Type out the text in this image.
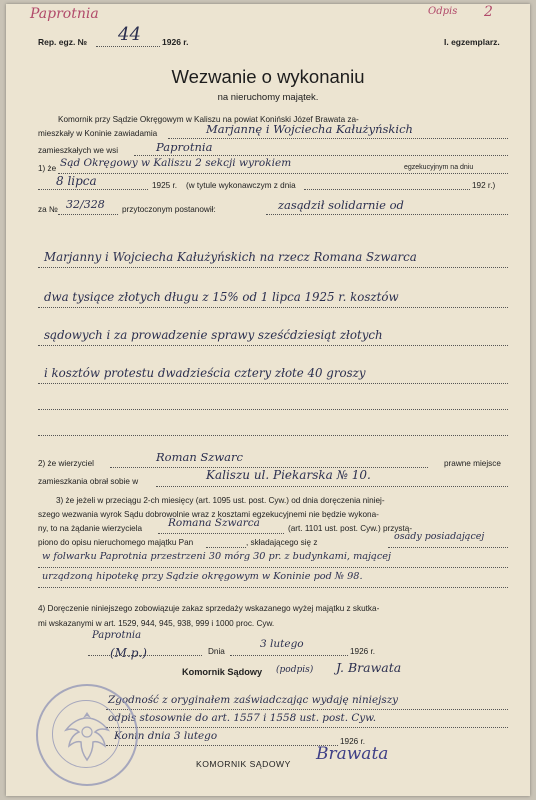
Paprotnia	Odpis 2
Rep. egz. № 44 1926 r.	I. egzemplarz.
Wezwanie o wykonaniu
na nieruchomy majątek.
Komornik przy Sądzie Okręgowym w Kaliszu na powiat Koniński Józef Brawata za-
mieszkały w Koninie zawiadamia	Marjannę i Wojciecha Kałużyńskich
zamieszkałych we wsi	Paprotnia
1) że Sąd Okręgowy w Kaliszu 2 sekcji wyrokiem	egzekucyjnym na dniu
8 lipca	1925 r. (w tytule wykonawczym z dnia	192 r.)
za № 32/328 przytoczonym postanowił:	zasądził solidarnie od
Marjanny i Wojciecha Kałużyńskich na rzecz Romana Szwarca
dwa tysiące złotych długu z 15% od 1 lipca 1925 r. kosztów
sądowych i za prowadzenie sprawy sześćdziesiąt złotych
i kosztów protestu dwadzieścia cztery złote 40 groszy
2) że wierzyciel	Roman Szwarc	prawne miejsce
zamieszkania obrał sobie w	Kaliszu ul. Piekarska № 10.
3) że jeżeli w przeciągu 2-ch miesięcy (art. 1095 ust. post. Cyw.) od dnia doręczenia niniej-
szego wezwania wyrok Sądu dobrowolnie wraz z kosztami egzekucyjnemi nie będzie wykona-
ny, to na żądanie wierzyciela Romana Szwarca	(art. 1101 ust. post. Cyw.) przystą-
piono do opisu nieruchomego majątku Pan	, składającego się z
osady posiadającej
w folwarku Paprotnia przestrzeni 30 mórg 30 pr. z budynkami, mającej
urządzoną hipotekę przy Sądzie okręgowym w Koninie pod № 98.
4) Doręczenie niniejszego zobowiązuje zakaz sprzedaży wskazanego wyżej majątku z skutka-
mi wskazanymi w art. 1529, 944, 945, 938, 999 i 1000 proc. Cyw.
Paprotnia
(M.p.)	Dnia
3 lutego
1926 r.
Komornik Sądowy (podpis) J. Brawata
Zgodność z oryginałem zaświadczając wydaję niniejszy
odpis stosownie do art. 1557 i 1558 ust. post. Cyw.
Konin dnia 3 lutego	1926 r.
KOMORNIK SĄDOWY Brawata
